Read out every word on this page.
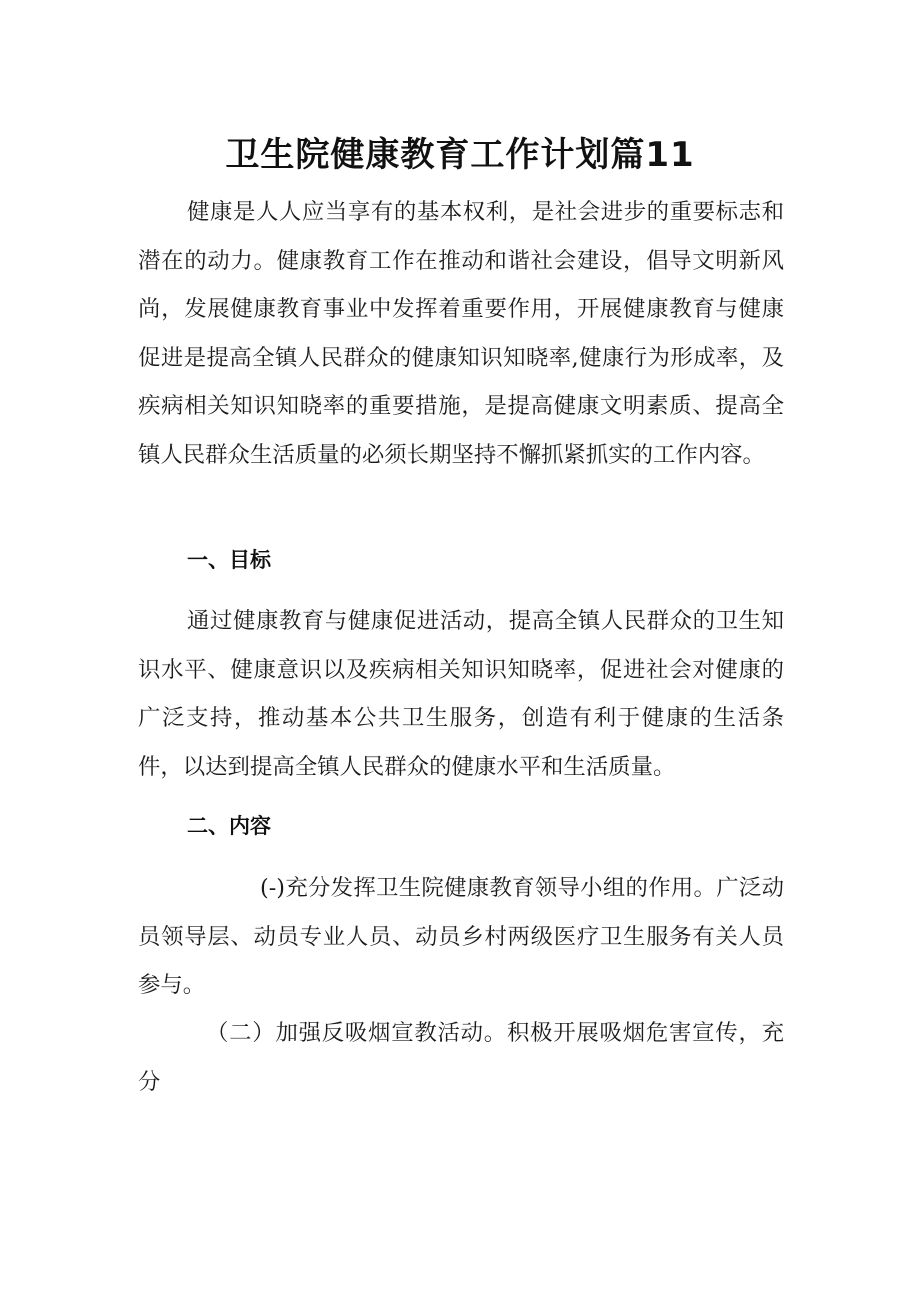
卫生院健康教育工作计划篇11

健康是人人应当享有的基本权利，是社会进步的重要标志和潜在的动力。健康教育工作在推动和谐社会建设，倡导文明新风尚，发展健康教育事业中发挥着重要作用，开展健康教育与健康促进是提高全镇人民群众的健康知识知晓率,健康行为形成率，及疾病相关知识知晓率的重要措施，是提高健康文明素质、提高全镇人民群众生活质量的必须长期坚持不懈抓紧抓实的工作内容。

一、目标

通过健康教育与健康促进活动，提高全镇人民群众的卫生知识水平、健康意识以及疾病相关知识知晓率，促进社会对健康的广泛支持，推动基本公共卫生服务，创造有利于健康的生活条件，以达到提高全镇人民群众的健康水平和生活质量。

二、内容

(-)充分发挥卫生院健康教育领导小组的作用。广泛动员领导层、动员专业人员、动员乡村两级医疗卫生服务有关人员参与。

（二）加强反吸烟宣教活动。积极开展吸烟危害宣传，充分
